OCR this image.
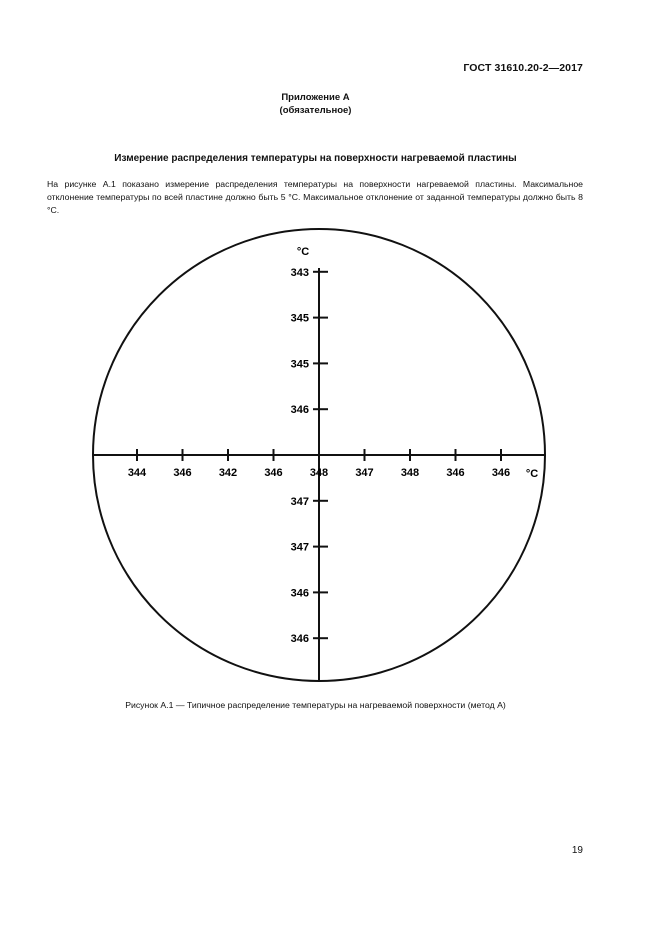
ГОСТ 31610.20-2—2017
Приложение А
(обязательное)
Измерение распределения температуры на поверхности нагреваемой пластины
На рисунке А.1 показано измерение распределения температуры на поверхности нагреваемой пластины. Максимальное отклонение температуры по всей пластине должно быть 5 °С. Максимальное отклонение от заданной температуры должно быть 8 °С.
344 346 342 346 348 347 348 346 346
343
345
345
346
347
347
346
346
°С
°С
Рисунок А.1 — Типичное распределение температуры на нагреваемой поверхности (метод А)
19
